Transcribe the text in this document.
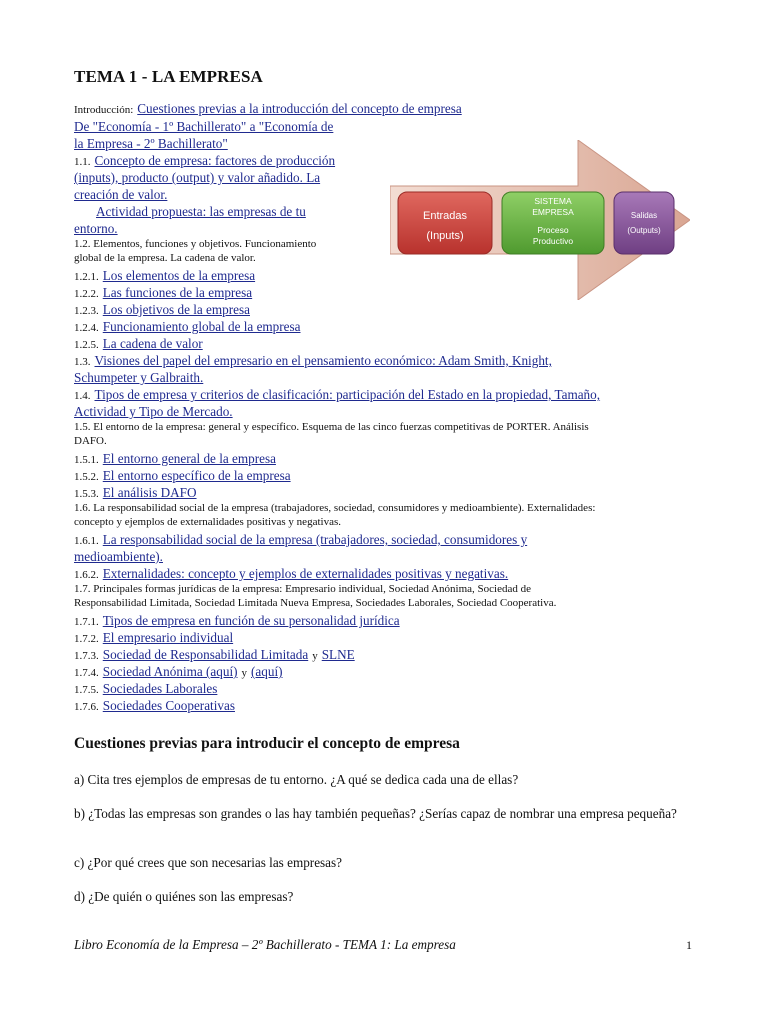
TEMA 1 - LA EMPRESA
Introducción: Cuestiones previas a la introducción del concepto de empresa
De "Economía - 1º Bachillerato" a "Economía de
la Empresa - 2º Bachillerato"
1.1. Concepto de empresa: factores de producción
(inputs), producto (output) y valor añadido. La
creación de valor.
Actividad propuesta: las empresas de tu
entorno.
1.2. Elementos, funciones y objetivos. Funcionamiento
global de la empresa. La cadena de valor.
1.2.1. Los elementos de la empresa
1.2.2. Las funciones de la empresa
1.2.3. Los objetivos de la empresa
1.2.4. Funcionamiento global de la empresa
1.2.5. La cadena de valor
1.3. Visiones del papel del empresario en el pensamiento económico: Adam Smith, Knight,
Schumpeter y Galbraith.
1.4. Tipos de empresa y criterios de clasificación: participación del Estado en la propiedad, Tamaño,
Actividad y Tipo de Mercado.
1.5. El entorno de la empresa: general y específico. Esquema de las cinco fuerzas competitivas de PORTER. Análisis
DAFO.
1.5.1. El entorno general de la empresa
1.5.2. El entorno específico de la empresa
1.5.3. El análisis DAFO
1.6. La responsabilidad social de la empresa (trabajadores, sociedad, consumidores y medioambiente). Externalidades:
concepto y ejemplos de externalidades positivas y negativas.
1.6.1. La responsabilidad social de la empresa (trabajadores, sociedad, consumidores y
medioambiente).
1.6.2. Externalidades: concepto y ejemplos de externalidades positivas y negativas.
1.7. Principales formas jurídicas de la empresa: Empresario individual, Sociedad Anónima, Sociedad de
Responsabilidad Limitada, Sociedad Limitada Nueva Empresa, Sociedades Laborales, Sociedad Cooperativa.
1.7.1. Tipos de empresa en función de su personalidad jurídica
1.7.2. El empresario individual
1.7.3. Sociedad de Responsabilidad Limitada y SLNE
1.7.4. Sociedad Anónima (aquí) y (aquí)
1.7.5. Sociedades Laborales
1.7.6. Sociedades Cooperativas
Entradas
(Inputs)
SISTEMA
EMPRESA
Proceso
Productivo
Salidas
(Outputs)
Cuestiones previas para introducir el concepto de empresa

a) Cita tres ejemplos de empresas de tu entorno. ¿A qué se dedica cada una de ellas?

b) ¿Todas las empresas son grandes o las hay también pequeñas? ¿Serías capaz de nombrar una empresa pequeña?

c) ¿Por qué crees que son necesarias las empresas?

d) ¿De quién o quiénes son las empresas?

Libro Economía de la Empresa – 2º Bachillerato - TEMA 1: La empresa	1
